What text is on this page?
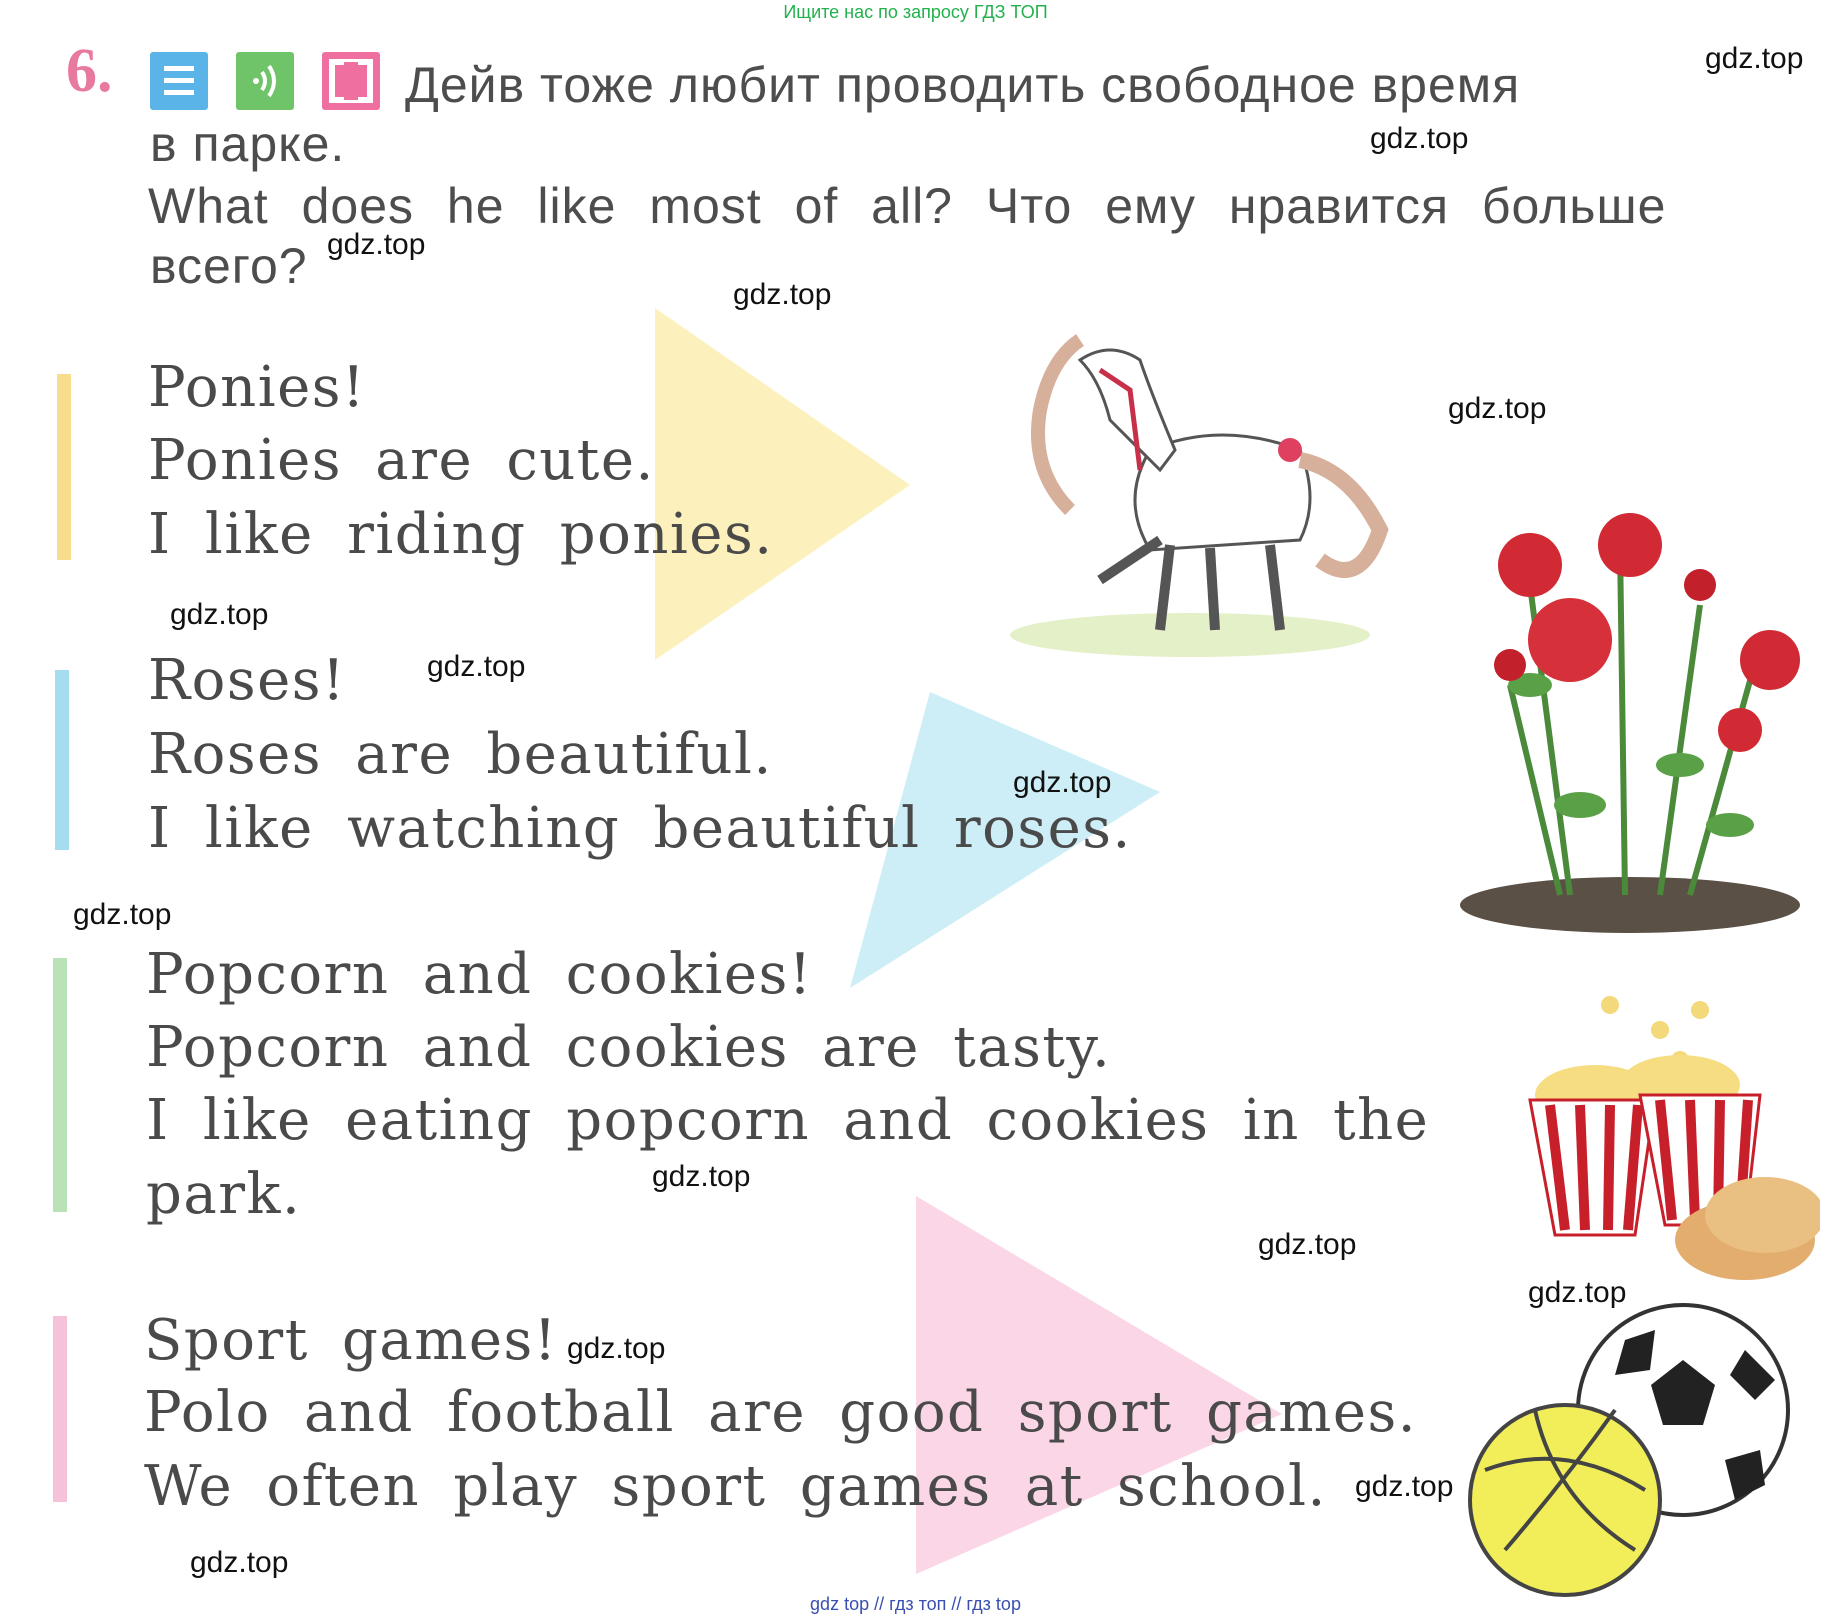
Ищите нас по запросу ГДЗ ТОП
gdz top // гдз топ // гдз top
6.	Дейв тоже любит проводить свободное время
в парке.
What does he like most of all? Что ему нравится больше
всего?
Ponies!
Ponies are cute.
I like riding ponies.
Roses!
Roses are beautiful.
I like watching beautiful roses.
Popcorn and cookies!
Popcorn and cookies are tasty.
I like eating popcorn and cookies in the
park.
Sport games!
Polo and football are good sport games.
We often play sport games at school.
gdz.top
gdz.top
gdz.top
gdz.top
gdz.top
gdz.top
gdz.top
gdz.top
gdz.top
gdz.top
gdz.top
gdz.top
gdz.top
gdz.top
gdz.top
